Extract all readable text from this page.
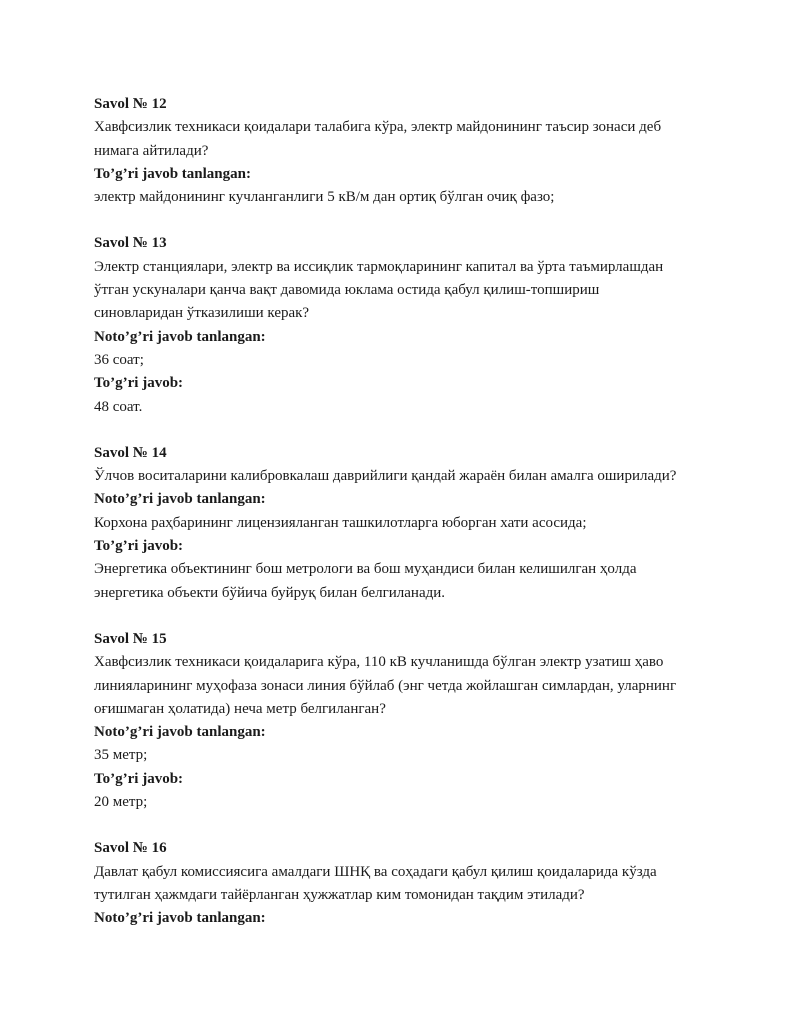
Savol № 12

Хавфсизлик техникаси қоидалари талабига кўра, электр майдонининг таъсир зонаси деб

нимага айтилади?

To’g’ri javob tanlangan:

электр майдонининг кучланганлиги 5 кВ/м дан ортиқ бўлган очиқ фазо;

Savol № 13

Электр станциялари, электр ва иссиқлик тармоқларининг капитал ва ўрта таъмирлашдан

ўтган ускуналари қанча вақт давомида юклама остида қабул қилиш-топшириш

синовларидан ўтказилиши керак?

Noto’g’ri javob tanlangan:

36 соат;

To’g’ri javob:

48 соат.

Savol № 14

Ўлчов воситаларини калибровкалаш даврийлиги қандай жараён билан амалга оширилади?

Noto’g’ri javob tanlangan:

Корхона раҳбарининг лицензияланган ташкилотларга юборган хати асосида;

To’g’ri javob:

Энергетика объектининг бош метрологи ва бош муҳандиси билан келишилган ҳолда

энергетика объекти бўйича буйруқ билан белгиланади.

Savol № 15

Хавфсизлик техникаси қоидаларига кўра, 110 кВ кучланишда бўлган электр узатиш ҳаво

линияларининг муҳофаза зонаси линия бўйлаб (энг четда жойлашган симлардан, уларнинг

оғишмаган ҳолатида) неча метр белгиланган?

Noto’g’ri javob tanlangan:

35 метр;

To’g’ri javob:

20 метр;

Savol № 16

Давлат қабул комиссиясига амалдаги ШНҚ ва соҳадаги қабул қилиш қоидаларида кўзда

тутилган ҳажмдаги тайёрланган ҳужжатлар ким томонидан тақдим этилади?

Noto’g’ri javob tanlangan:
